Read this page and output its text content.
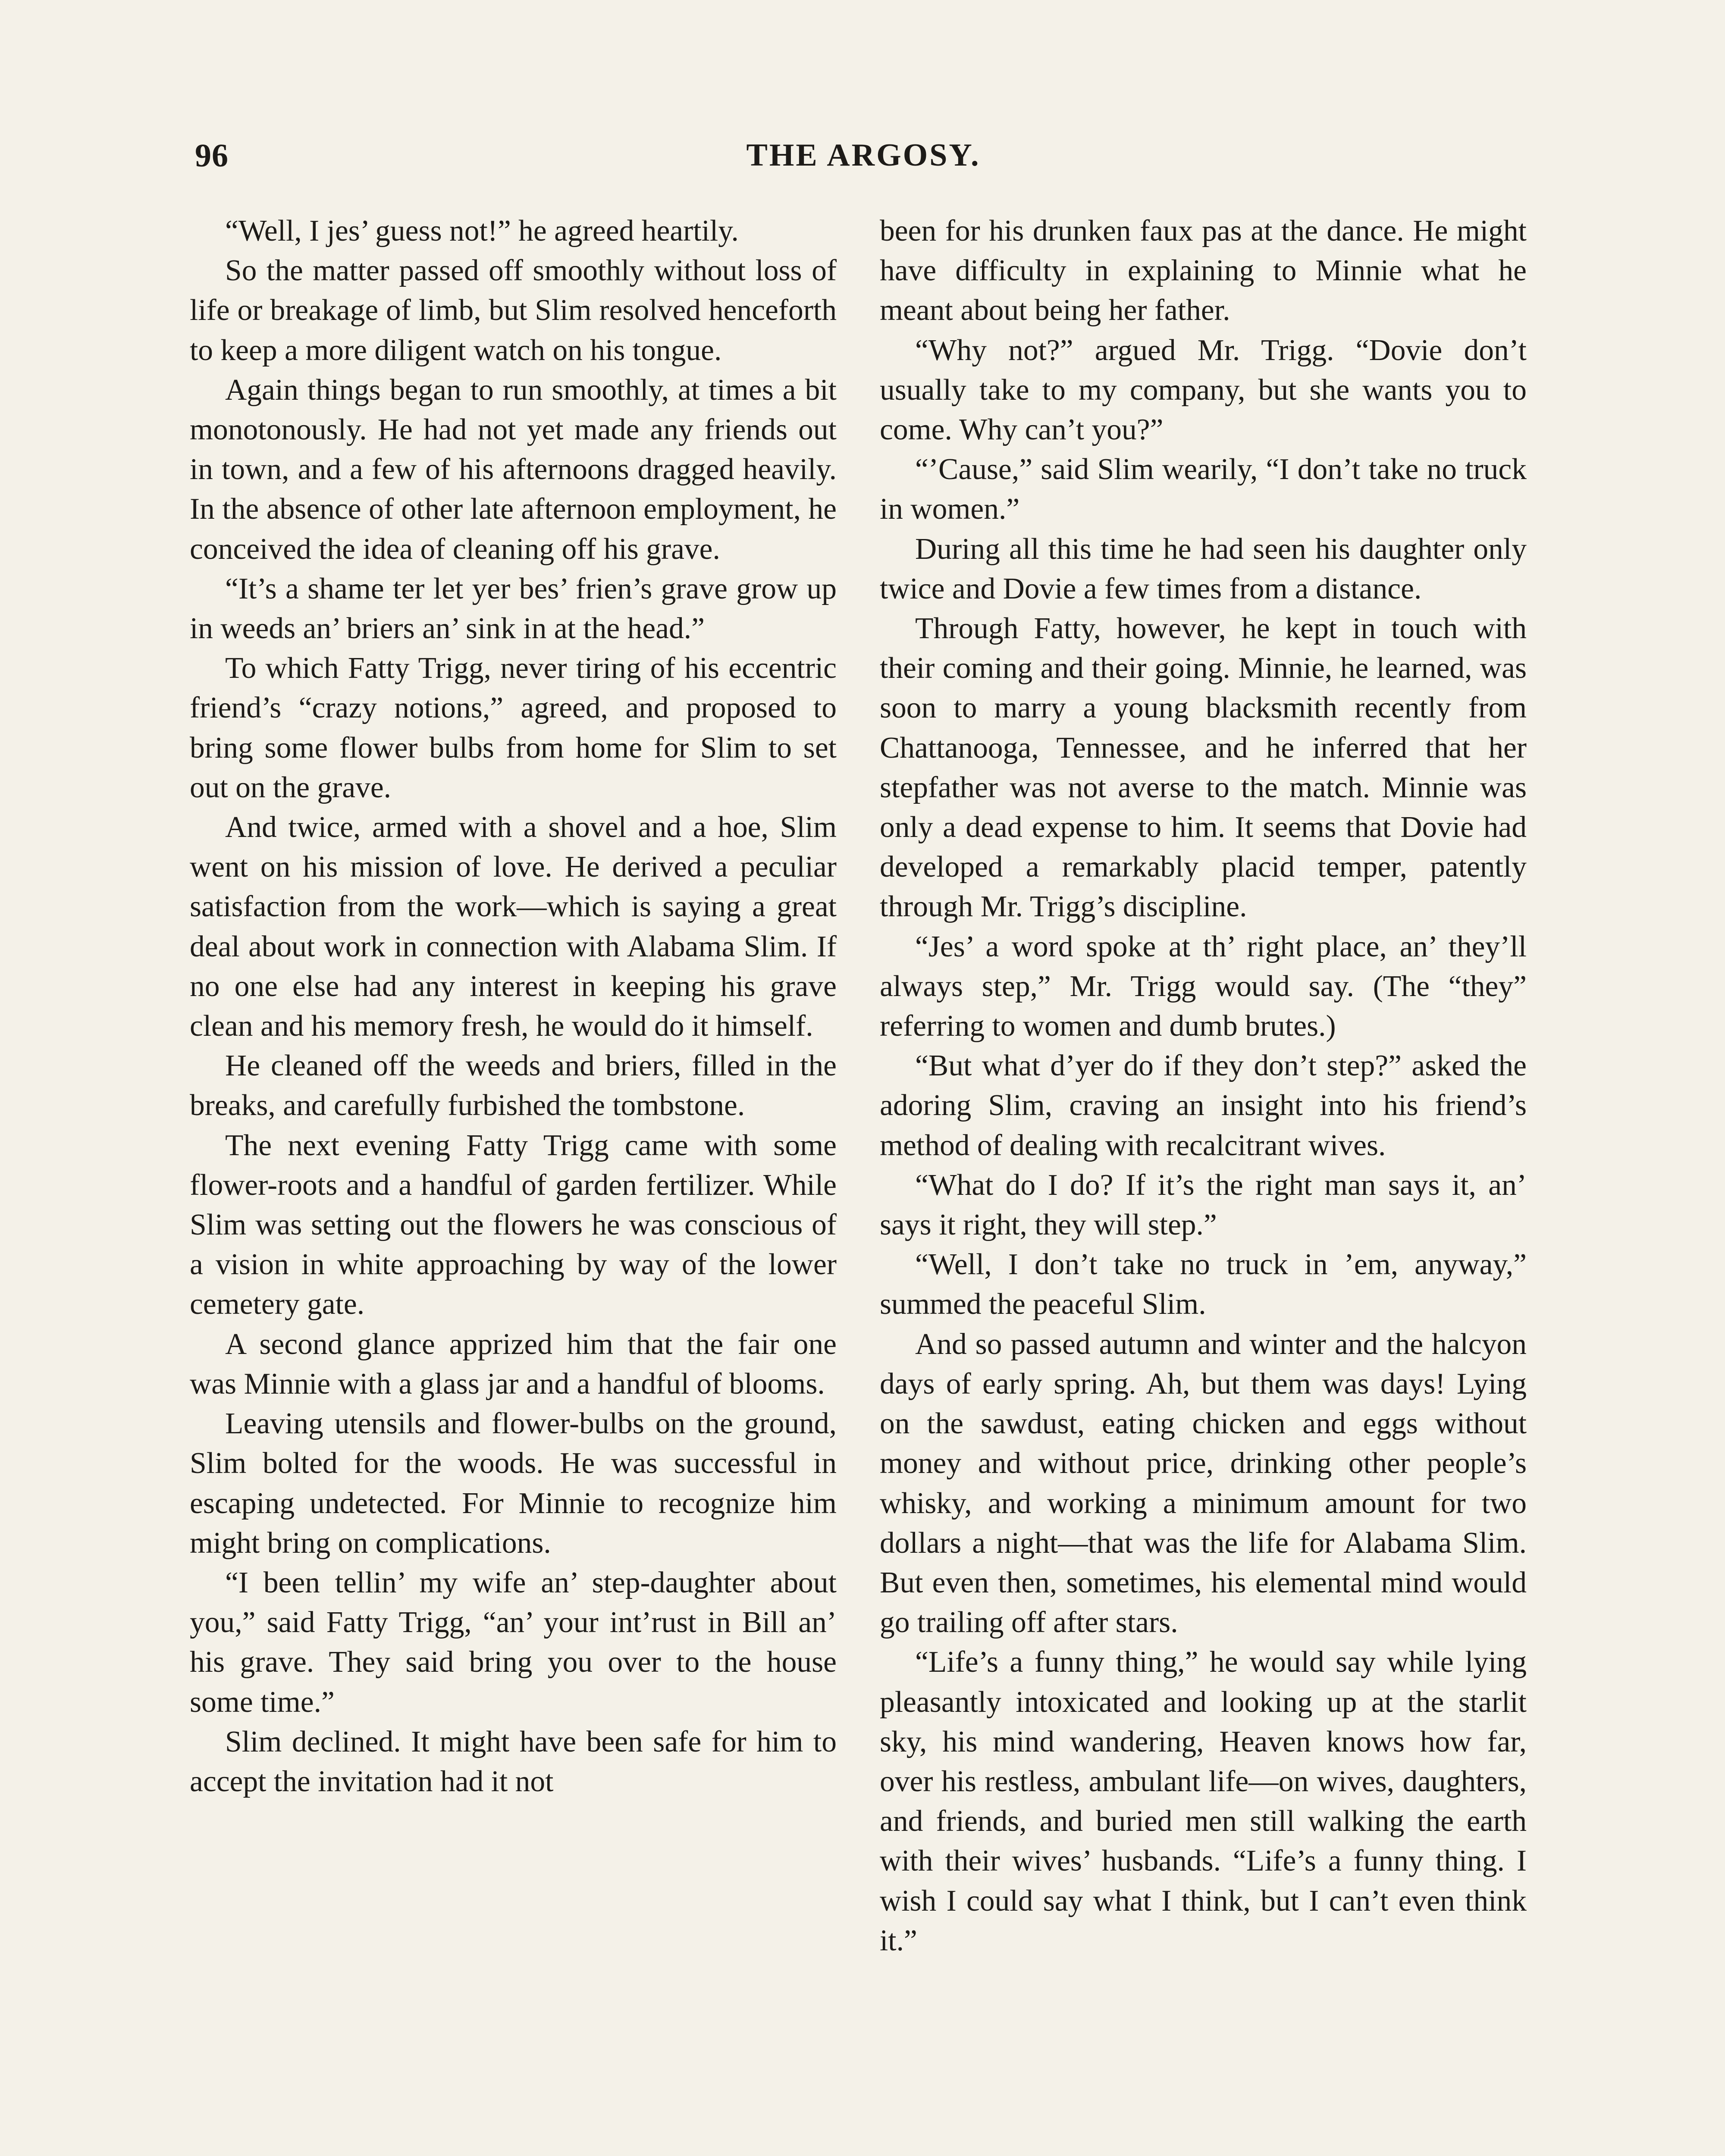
96	THE ARGOSY.

“Well, I jes’ guess not!” he agreed heartily.

So the matter passed off smoothly without loss of life or breakage of limb, but Slim resolved henceforth to keep a more diligent watch on his tongue.

Again things began to run smoothly, at times a bit monotonously. He had not yet made any friends out in town, and a few of his afternoons dragged heavily. In the absence of other late afternoon employment, he conceived the idea of cleaning off his grave.

“It’s a shame ter let yer bes’ frien’s grave grow up in weeds an’ briers an’ sink in at the head.”

To which Fatty Trigg, never tiring of his eccentric friend’s “crazy notions,” agreed, and proposed to bring some flower bulbs from home for Slim to set out on the grave.

And twice, armed with a shovel and a hoe, Slim went on his mission of love. He derived a peculiar satisfaction from the work—which is saying a great deal about work in connection with Alabama Slim. If no one else had any interest in keeping his grave clean and his memory fresh, he would do it himself.

He cleaned off the weeds and briers, filled in the breaks, and carefully furbished the tombstone.

The next evening Fatty Trigg came with some flower-roots and a handful of garden fertilizer. While Slim was setting out the flowers he was conscious of a vision in white approaching by way of the lower cemetery gate.

A second glance apprized him that the fair one was Minnie with a glass jar and a handful of blooms.

Leaving utensils and flower-bulbs on the ground, Slim bolted for the woods. He was successful in escaping undetected. For Minnie to recognize him might bring on complications.

“I been tellin’ my wife an’ step-daughter about you,” said Fatty Trigg, “an’ your int’rust in Bill an’ his grave. They said bring you over to the house some time.”

Slim declined. It might have been safe for him to accept the invitation had it not

been for his drunken faux pas at the dance. He might have difficulty in explaining to Minnie what he meant about being her father.

“Why not?” argued Mr. Trigg. “Dovie don’t usually take to my company, but she wants you to come. Why can’t you?”

“’Cause,” said Slim wearily, “I don’t take no truck in women.”

During all this time he had seen his daughter only twice and Dovie a few times from a distance.

Through Fatty, however, he kept in touch with their coming and their going. Minnie, he learned, was soon to marry a young blacksmith recently from Chattanooga, Tennessee, and he inferred that her stepfather was not averse to the match. Minnie was only a dead expense to him. It seems that Dovie had developed a remarkably placid temper, patently through Mr. Trigg’s discipline.

“Jes’ a word spoke at th’ right place, an’ they’ll always step,” Mr. Trigg would say. (The “they” referring to women and dumb brutes.)

“But what d’yer do if they don’t step?” asked the adoring Slim, craving an insight into his friend’s method of dealing with recalcitrant wives.

“What do I do? If it’s the right man says it, an’ says it right, they will step.”

“Well, I don’t take no truck in ’em, anyway,” summed the peaceful Slim.

And so passed autumn and winter and the halcyon days of early spring. Ah, but them was days! Lying on the sawdust, eating chicken and eggs without money and without price, drinking other people’s whisky, and working a minimum amount for two dollars a night—that was the life for Alabama Slim. But even then, sometimes, his elemental mind would go trailing off after stars.

“Life’s a funny thing,” he would say while lying pleasantly intoxicated and looking up at the starlit sky, his mind wandering, Heaven knows how far, over his restless, ambulant life—on wives, daughters, and friends, and buried men still walking the earth with their wives’ husbands. “Life’s a funny thing. I wish I could say what I think, but I can’t even think it.”
